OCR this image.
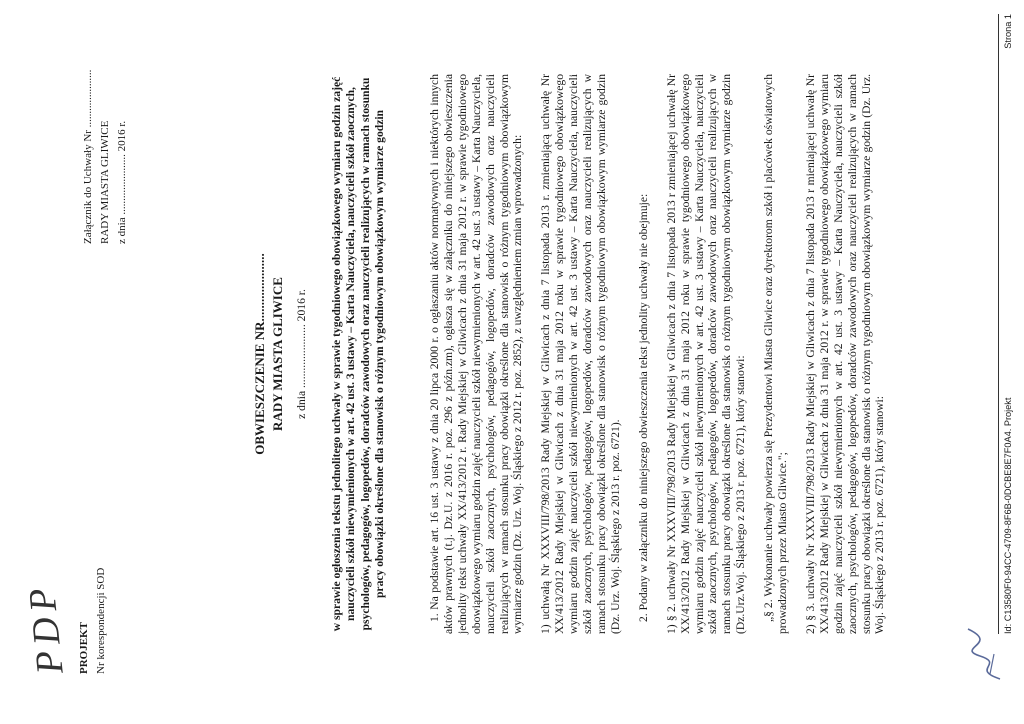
PDP PROJEKT Nr korespondencji SOD
Załącznik do Uchwały Nr ..................... RADY MIASTA GLIWICE z dnia ...................... 2016 r.
OBWIESZCZENIE NR..................... RADY MIASTA GLIWICE z dnia ...................... 2016 r. w sprawie ogłoszenia tekstu jednolitego uchwały w sprawie tygodniowego obowiązkowego wymiaru godzin zajęć nauczycieli szkół niewymienionych w art. 42 ust. 3 ustawy – Karta Nauczyciela, nauczycieli szkół zaocznych, psychologów, pedagogów, logopedów, doradców zawodowych oraz nauczycieli realizujących w ramach stosunku pracy obowiązki określone dla stanowisk o różnym tygodniowym obowiązkowym wymiarze godzin	1. Na podstawie art. 16 ust. 3 ustawy z dnia 20 lipca 2000 r. o ogłaszaniu aktów normatywnych i niektórych innych aktów prawnych (t.j. Dz.U. z 2016 r. poz. 296 z późn.zm), ogłasza się w załączniku do niniejszego obwieszczenia jednolity tekst uchwały XX/413/2012 r. Rady Miejskiej w Gliwicach z dnia 31 maja 2012 r. w sprawie tygodniowego obowiązkowego wymiaru godzin zajęć nauczycieli szkół niewymienionych w art. 42 ust. 3 ustawy – Karta Nauczyciela, nauczycieli szkół zaocznych, psychologów, pedagogów, logopedów, doradców zawodowych oraz nauczycieli realizujących w ramach stosunku pracy obowiązki określone dla stanowisk o różnym tygodniowym obowiązkowym wymiarze godzin (Dz. Urz. Woj. Śląskiego z 2012 r. poz. 2852), z uwzględnieniem zmian wprowadzonych: 1) uchwałą Nr XXXVIII/798/2013 Rady Miejskiej w Gliwicach z dnia 7 listopada 2013 r. zmieniającą uchwałę Nr XX/413/2012 Rady Miejskiej w Gliwicach z dnia 31 maja 2012 roku w sprawie tygodniowego obowiązkowego wymiaru godzin zajęć nauczycieli szkół niewymienionych w art. 42 ust. 3 ustawy – Karta Nauczyciela, nauczycieli szkół zaocznych, psychologów, pedagogów, logopedów, doradców zawodowych oraz nauczycieli realizujących w ramach stosunku pracy obowiązki określone dla stanowisk o różnym tygodniowym obowiązkowym wymiarze godzin (Dz. Urz. Woj. Śląskiego z 2013 r. poz. 6721). 2. Podany w załączniku do niniejszego obwieszczenia tekst jednolity uchwały nie obejmuje: 1) § 2. uchwały Nr XXXVIII/798/2013 Rady Miejskiej w Gliwicach z dnia 7 listopada 2013 r zmieniającej uchwałę Nr XX/413/2012 Rady Miejskiej w Gliwicach z dnia 31 maja 2012 roku w sprawie tygodniowego obowiązkowego wymiaru godzin zajęć nauczycieli szkół niewymienionych w art. 42 ust. 3 ustawy – Karta Nauczyciela, nauczycieli szkół zaocznych, psychologów, pedagogów, logopedów, doradców zawodowych oraz nauczycieli realizujących w ramach stosunku pracy obowiązki określone dla stanowisk o różnym tygodniowym obowiązkowym wymiarze godzin (Dz.Urz.Woj. Śląskiego z 2013 r. poz. 6721), który stanowi: „§ 2. Wykonanie uchwały powierza się Prezydentowi Miasta Gliwice oraz dyrektorom szkół i placówek oświatowych prowadzonych przez Miasto Gliwice."; 2) § 3. uchwały Nr XXXVIII/798/2013 Rady Miejskiej w Gliwicach z dnia 7 listopada 2013 r mieniającej uchwałę Nr XX/413/2012 Rady Miejskiej w Gliwicach z dnia 31 maja 2012 r. w sprawie tygodniowego obowiązkowego wymiaru godzin zajęć nauczycieli szkół niewymienionych w art. 42 ust. 3 ustawy – Karta Nauczyciela, nauczycieli szkół zaocznych, psychologów, pedagogów, logopedów, doradców zawodowych oraz nauczycieli realizujących w ramach stosunku pracy obowiązki określone dla stanowisk o różnym tygodniowym obowiązkowym wymiarze godzin (Dz. Urz. Woj. Śląskiego z 2013 r. poz. 6721), który stanowi:	Id: C13580F0-94CC-4709-8F6B-0DCBE8E7F0A4. Projekt
Strona 1
